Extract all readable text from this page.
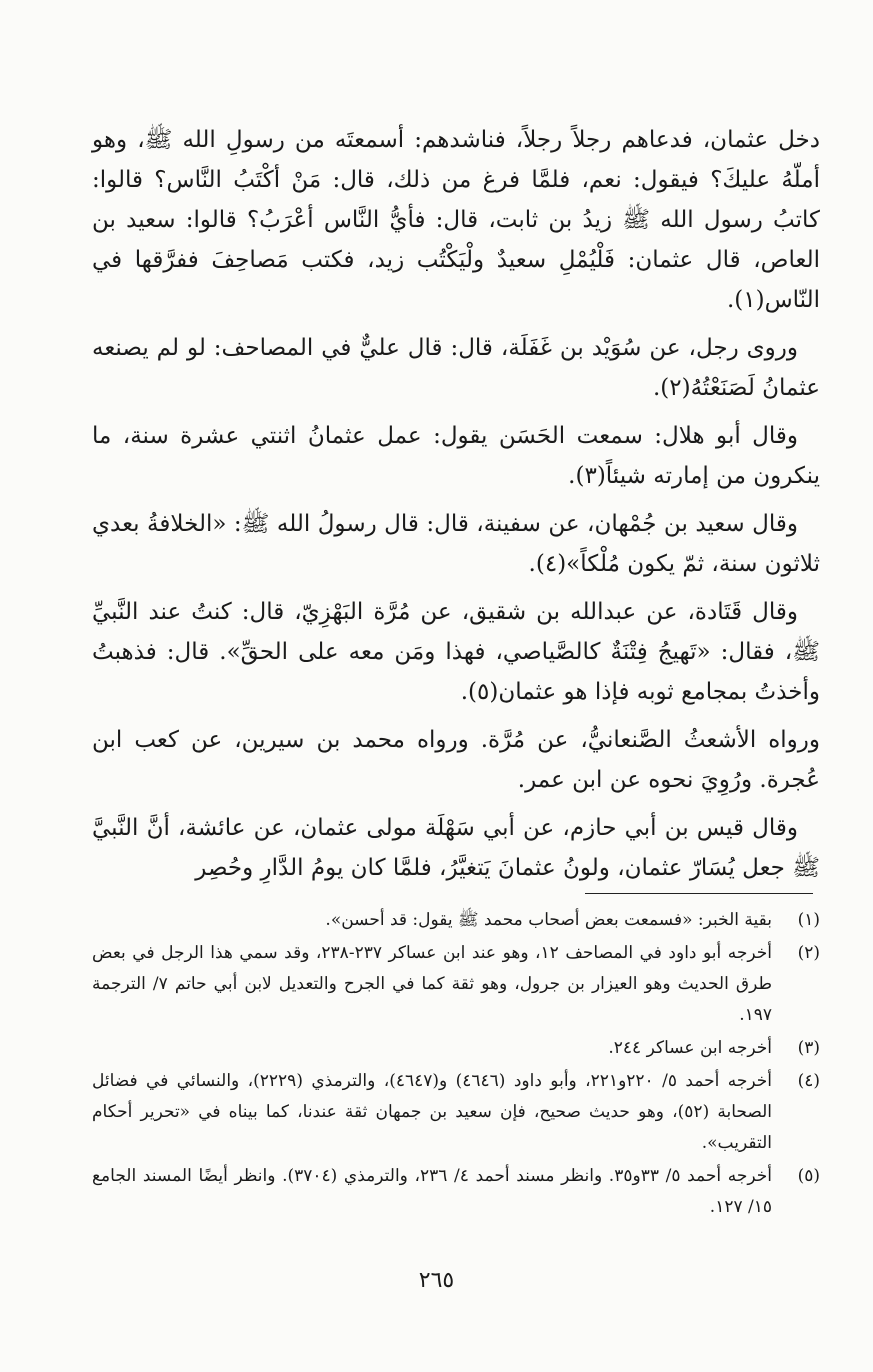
دخل عثمان، فدعاهم رجلاً رجلاً، فناشدهم: أسمعتَه من رسولِ الله ﷺ، وهو أملّهُ عليكَ؟ فيقول: نعم، فلمَّا فرغ من ذلك، قال: مَنْ أكْتَبُ النَّاس؟ قالوا: كاتبُ رسول الله ﷺ زيدُ بن ثابت، قال: فأيُّ النَّاس أعْرَبُ؟ قالوا: سعيد بن العاص، قال عثمان: فَلْيُمْلِ سعيدٌ ولْيَكْتُب زيد، فكتب مَصاحِفَ ففرَّقها في النّاس(١).

وروى رجل، عن سُوَيْد بن غَفَلَة، قال: قال عليٌّ في المصاحف: لو لم يصنعه عثمانُ لَصَنَعْتُهُ(٢).

وقال أبو هلال: سمعت الحَسَن يقول: عمل عثمانُ اثنتي عشرة سنة، ما ينكرون من إمارته شيئاً(٣).

وقال سعيد بن جُمْهان، عن سفينة، قال: قال رسولُ الله ﷺ: «الخلافةُ بعدي ثلاثون سنة، ثمّ يكون مُلْكاً»(٤).

وقال قَتَادة، عن عبدالله بن شقيق، عن مُرَّة البَهْزِيّ، قال: كنتُ عند النَّبيِّ ﷺ، فقال: «تَهيجُ فِتْنَةٌ كالصَّياصي، فهذا ومَن معه على الحقِّ». قال: فذهبتُ وأخذتُ بمجامع ثوبه فإذا هو عثمان(٥).

ورواه الأشعثُ الصَّنعانيُّ، عن مُرَّة. ورواه محمد بن سيرين، عن كعب ابن عُجرة. ورُوِيَ نحوه عن ابن عمر.

وقال قيس بن أبي حازم، عن أبي سَهْلَة مولى عثمان، عن عائشة، أنَّ النَّبيَّ ﷺ جعل يُسَارّ عثمان، ولونُ عثمانَ يَتغيَّرُ، فلمَّا كان يومُ الدَّارِ وحُصِر

(١)
بقية الخبر: «فسمعت بعض أصحاب محمد ﷺ يقول: قد أحسن».
(٢)
أخرجه أبو داود في المصاحف ١٢، وهو عند ابن عساكر ٢٣٧-٢٣٨، وقد سمي هذا الرجل في بعض طرق الحديث وهو العيزار بن جرول، وهو ثقة كما في الجرح والتعديل لابن أبي حاتم ٧/ الترجمة ١٩٧.
(٣)
أخرجه ابن عساكر ٢٤٤.
(٤)
أخرجه أحمد ٥/ ٢٢٠و٢٢١، وأبو داود (٤٦٤٦) و(٤٦٤٧)، والترمذي (٢٢٢٩)، والنسائي في فضائل الصحابة (٥٢)، وهو حديث صحيح، فإن سعيد بن جمهان ثقة عندنا، كما بيناه في «تحرير أحكام التقريب».
(٥)
أخرجه أحمد ٥/ ٣٣و٣٥. وانظر مسند أحمد ٤/ ٢٣٦، والترمذي (٣٧٠٤). وانظر أيضًا المسند الجامع ١٥/ ١٢٧.
٢٦٥
